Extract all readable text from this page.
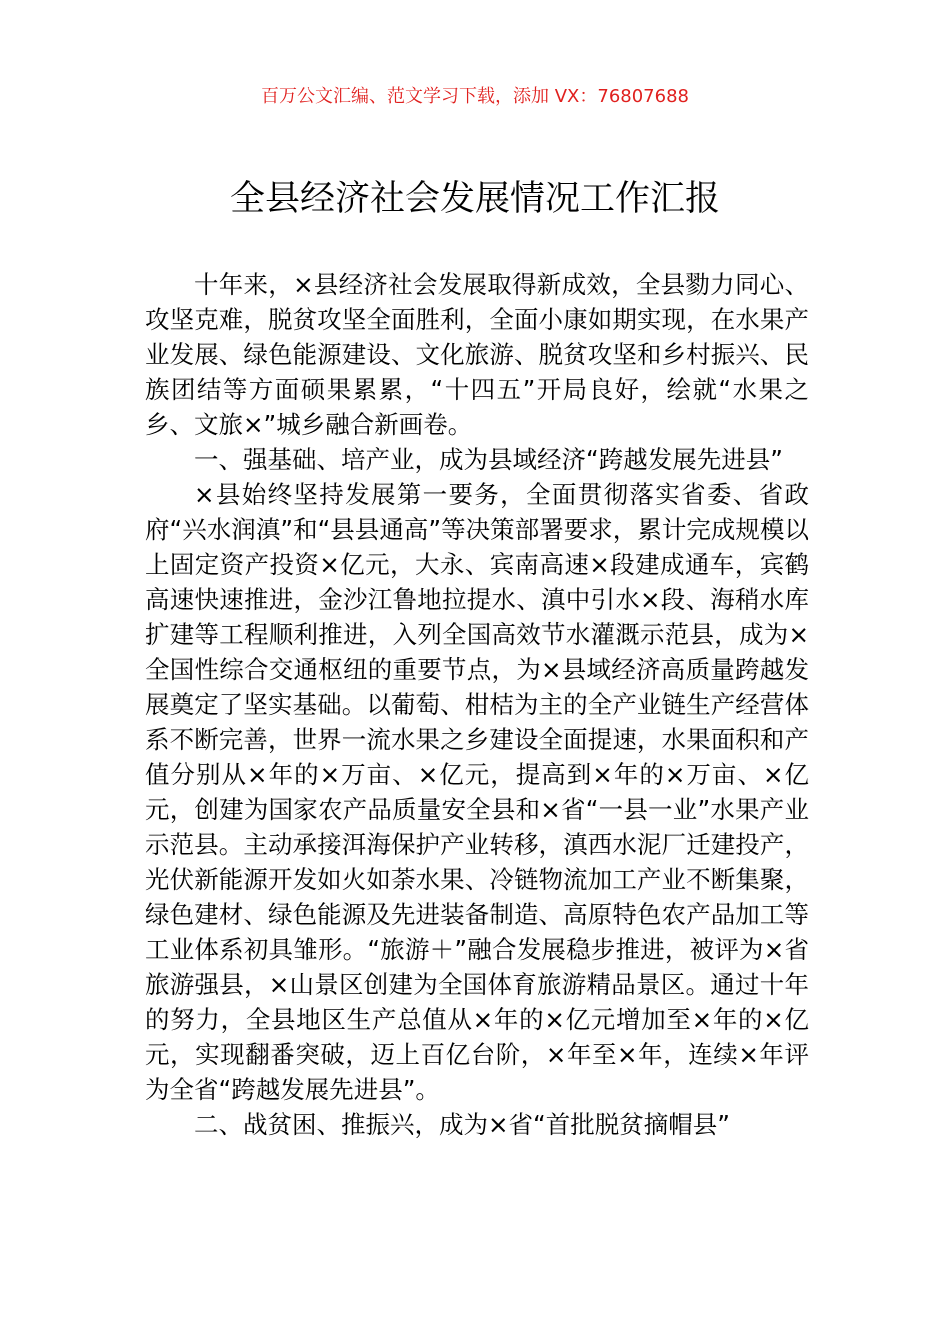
百万公文汇编、范文学习下载，添加 VX：76807688
全县经济社会发展情况工作汇报

十年来，×县经济社会发展取得新成效，全县勠力同心、攻坚克难，脱贫攻坚全面胜利，全面小康如期实现，在水果产业发展、绿色能源建设、文化旅游、脱贫攻坚和乡村振兴、民族团结等方面硕果累累，“十四五”开局良好，绘就“水果之乡、文旅×”城乡融合新画卷。

一、强基础、培产业，成为县域经济“跨越发展先进县”

×县始终坚持发展第一要务，全面贯彻落实省委、省政府“兴水润滇”和“县县通高”等决策部署要求，累计完成规模以上固定资产投资×亿元，大永、宾南高速×段建成通车，宾鹤高速快速推进，金沙江鲁地拉提水、滇中引水×段、海稍水库扩建等工程顺利推进，入列全国高效节水灌溉示范县，成为×全国性综合交通枢纽的重要节点，为×县域经济高质量跨越发展奠定了坚实基础。以葡萄、柑桔为主的全产业链生产经营体系不断完善，世界一流水果之乡建设全面提速，水果面积和产值分别从×年的×万亩、×亿元，提高到×年的×万亩、×亿元，创建为国家农产品质量安全县和×省“一县一业”水果产业示范县。主动承接洱海保护产业转移，滇西水泥厂迁建投产，光伏新能源开发如火如荼水果、冷链物流加工产业不断集聚，绿色建材、绿色能源及先进装备制造、高原特色农产品加工等工业体系初具雏形。“旅游＋”融合发展稳步推进，被评为×省旅游强县，×山景区创建为全国体育旅游精品景区。通过十年的努力，全县地区生产总值从×年的×亿元增加至×年的×亿元，实现翻番突破，迈上百亿台阶，×年至×年，连续×年评为全省“跨越发展先进县”。

二、战贫困、推振兴，成为×省“首批脱贫摘帽县”
